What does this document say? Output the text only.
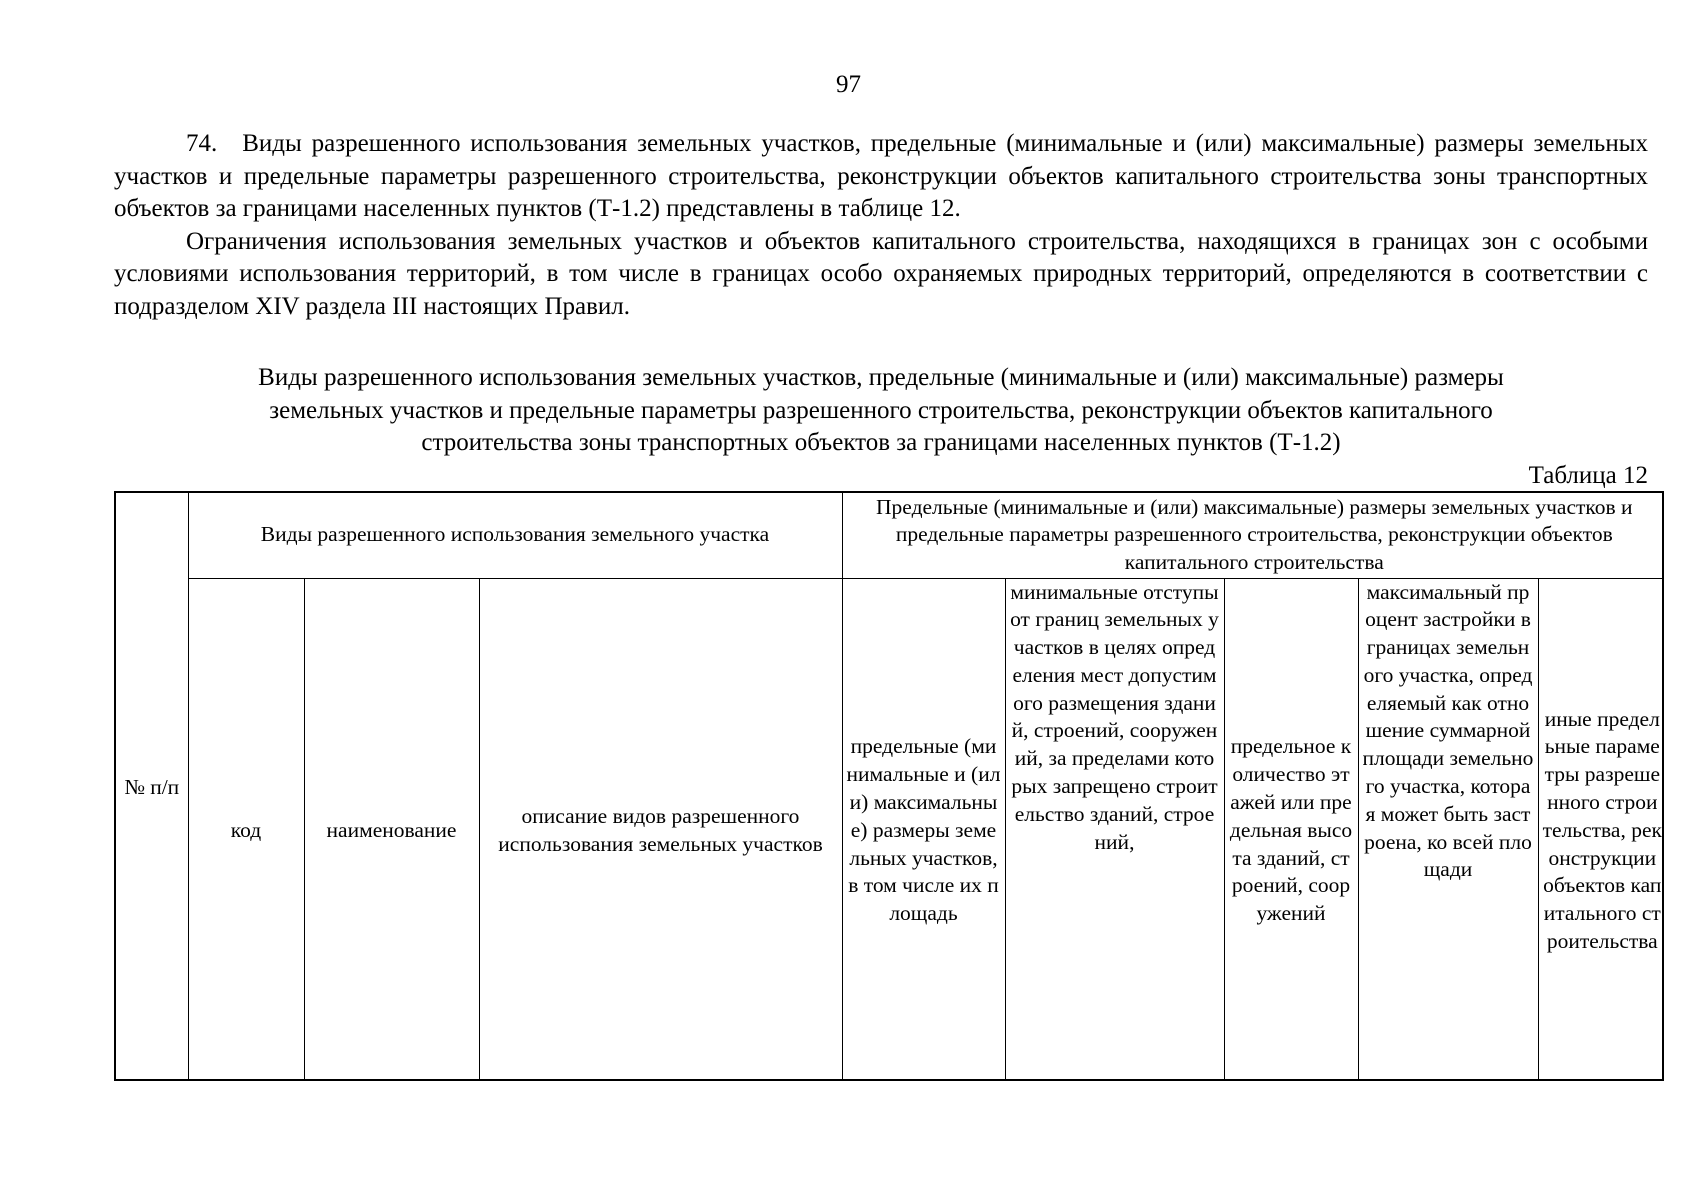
97

74. Виды разрешенного использования земельных участков, предельные (минимальные и (или) максимальные) размеры земельных участков и предельные параметры разрешенного строительства, реконструкции объектов капитального строительства зоны транспортных объектов за границами населенных пунктов (Т-1.2) представлены в таблице 12.

Ограничения использования земельных участков и объектов капитального строительства, находящихся в границах зон с особыми условиями использования территорий, в том числе в границах особо охраняемых природных территорий, определяются в соответствии с подразделом XIV раздела III настоящих Правил.

Виды разрешенного использования земельных участков, предельные (минимальные и (или) максимальные) размеры
земельных участков и предельные параметры разрешенного строительства, реконструкции объектов капитального
строительства зоны транспортных объектов за границами населенных пунктов (Т-1.2)
Таблица 12
№ п/п	Виды разрешенного использования земельного участка			Предельные (минимальные и (или) максимальные) размеры земельных участков и предельные параметры разрешенного строительства, реконструкции объектов капитального строительства				
	код	наименование	описание видов разрешенного использования земельных участков	предельные (минимальные и (или) максимальные) размеры земельных участков, в том числе их площадь	минимальные отступы от границ земельных участков в целях определения мест допустимого размещения зданий, строений, сооружений, за пределами которых запрещено строительство зданий, строений,	предельное количество этажей или предельная высота зданий, строений, сооружений	максимальный процент застройки в границах земельного участка, определяемый как отношение суммарной площади земельного участка, которая может быть застроена, ко всей площади	иные предельные параметры разрешенного строительства, реконструкции объектов капитального строительства
